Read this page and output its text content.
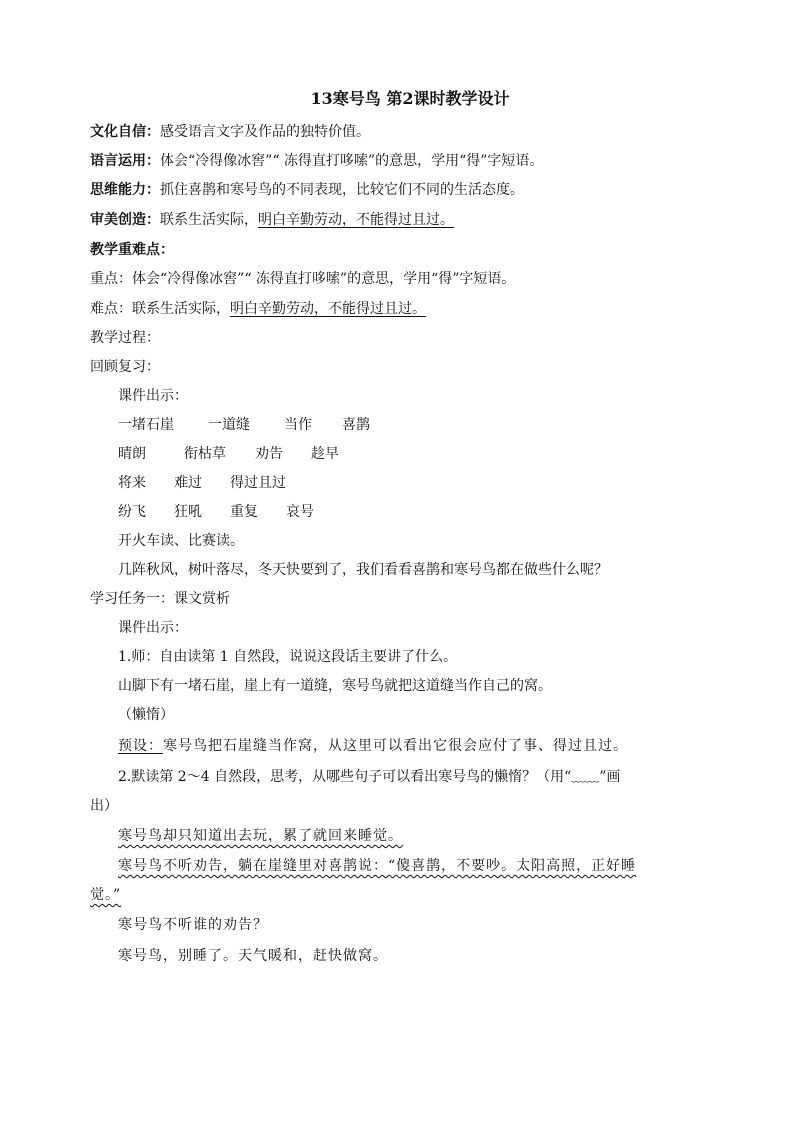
13寒号鸟 第2课时教学设计

文化自信：感受语言文字及作品的独特价值。

语言运用：体会“冷得像冰窖”“ 冻得直打哆嗦”的意思，学用“得”字短语。

思维能力：抓住喜鹊和寒号鸟的不同表现，比较它们不同的生活态度。

审美创造：联系生活实际，明白辛勤劳动，不能得过且过。

教学重难点：

重点：体会“冷得像冰窖”“ 冻得直打哆嗦”的意思，学用“得”字短语。

难点：联系生活实际，明白辛勤劳动，不能得过且过。

教学过程：

回顾复习：

课件出示：

一堵石崖 一道缝 当作 喜鹊

晴朗	衔枯草 劝告 趁早

将来 难过 得过且过

纷飞 狂吼 重复 哀号

开火车读、比赛读。

几阵秋风，树叶落尽，冬天快要到了，我们看看喜鹊和寒号鸟都在做些什么呢？

学习任务一：课文赏析

课件出示：

1.师：自由读第 1 自然段，说说这段话主要讲了什么。

山脚下有一堵石崖，崖上有一道缝，寒号鸟就把这道缝当作自己的窝。

（懒惰）

预设：寒号鸟把石崖缝当作窝，从这里可以看出它很会应付了事、得过且过。

2.默读第 2～4 自然段，思考，从哪些句子可以看出寒号鸟的懒惰？（用“﹏﹏”画

出）

寒号鸟却只知道出去玩，累了就回来睡觉。

寒号鸟不听劝告，躺在崖缝里对喜鹊说：“傻喜鹊，不要吵。太阳高照，正好睡

觉。”

寒号鸟不听谁的劝告？

寒号鸟，别睡了。天气暖和，赶快做窝。
